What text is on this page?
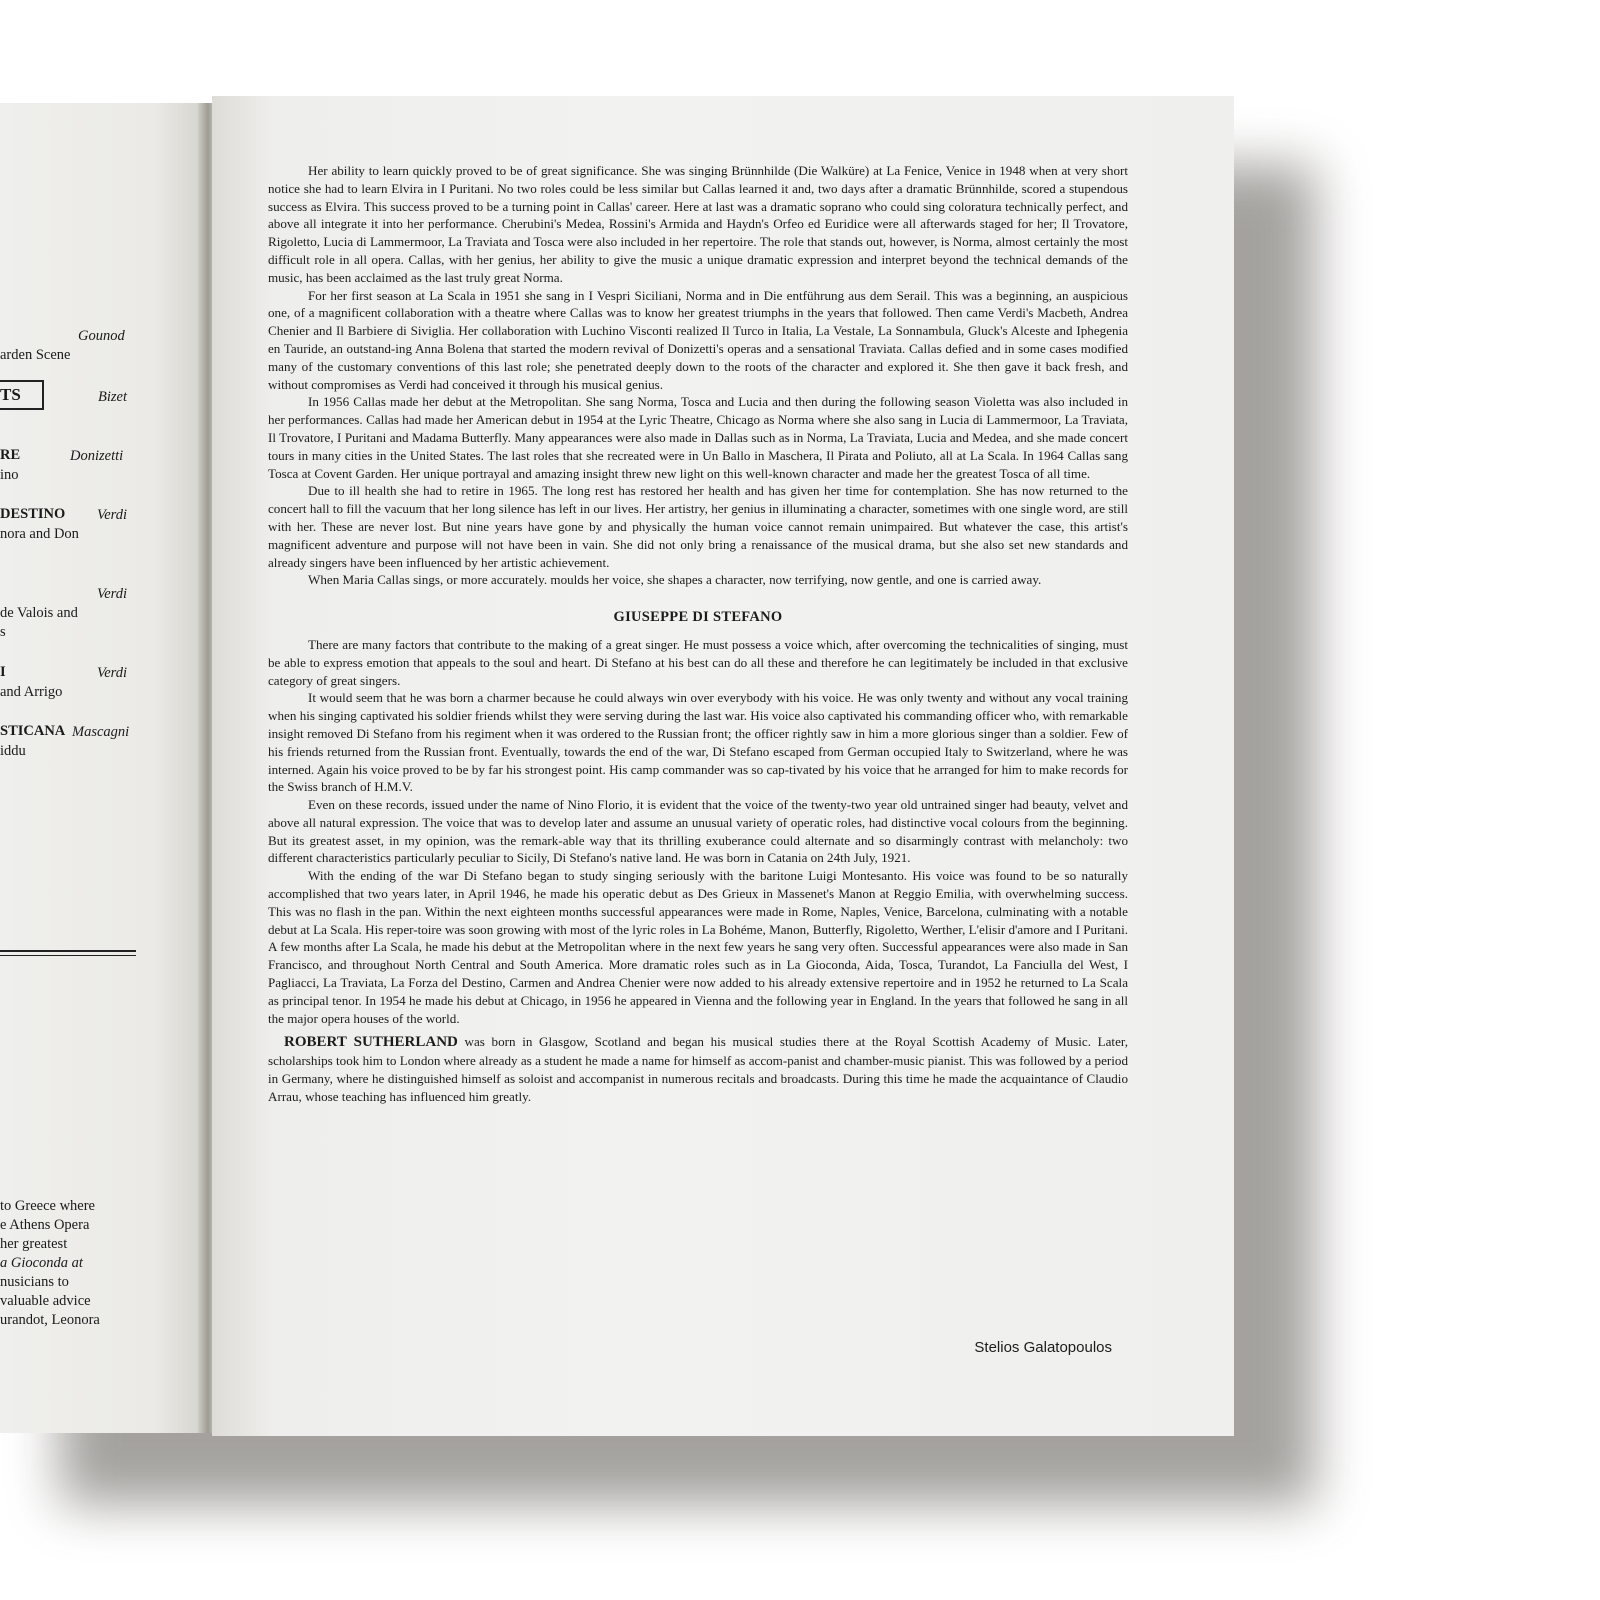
TS
Gounod
arden Scene
Bizet
RE	Donizetti
ino
DESTINO Verdi
nora and Don
Verdi
de Valois and
s
I	Verdi
and Arrigo
STICANA Mascagni
iddu
to Greece where
e Athens Opera
her greatest
a Gioconda at
nusicians to
valuable advice
urandot, Leonora

Her ability to learn quickly proved to be of great significance. She was singing Brünnhilde (Die Walküre) at La Fenice, Venice in 1948 when at very short notice she had to learn Elvira in I Puritani. No two roles could be less similar but Callas learned it and, two days after a dramatic Brünnhilde, scored a stupendous success as Elvira. This success proved to be a turning point in Callas' career. Here at last was a dramatic soprano who could sing coloratura technically perfect, and above all integrate it into her performance. Cherubini's Medea, Rossini's Armida and Haydn's Orfeo ed Euridice were all afterwards staged for her; Il Trovatore, Rigoletto, Lucia di Lammermoor, La Traviata and Tosca were also included in her repertoire. The role that stands out, however, is Norma, almost certainly the most difficult role in all opera. Callas, with her genius, her ability to give the music a unique dramatic expression and interpret beyond the technical demands of the music, has been acclaimed as the last truly great Norma.

For her first season at La Scala in 1951 she sang in I Vespri Siciliani, Norma and in Die entführung aus dem Serail. This was a beginning, an auspicious one, of a magnificent collaboration with a theatre where Callas was to know her greatest triumphs in the years that followed. Then came Verdi's Macbeth, Andrea Chenier and Il Barbiere di Siviglia. Her collaboration with Luchino Visconti realized Il Turco in Italia, La Vestale, La Sonnambula, Gluck's Alceste and Iphegenia en Tauride, an outstand-ing Anna Bolena that started the modern revival of Donizetti's operas and a sensational Traviata. Callas defied and in some cases modified many of the customary conventions of this last role; she penetrated deeply down to the roots of the character and explored it. She then gave it back fresh, and without compromises as Verdi had conceived it through his musical genius.

In 1956 Callas made her debut at the Metropolitan. She sang Norma, Tosca and Lucia and then during the following season Violetta was also included in her performances. Callas had made her American debut in 1954 at the Lyric Theatre, Chicago as Norma where she also sang in Lucia di Lammermoor, La Traviata, Il Trovatore, I Puritani and Madama Butterfly. Many appearances were also made in Dallas such as in Norma, La Traviata, Lucia and Medea, and she made concert tours in many cities in the United States. The last roles that she recreated were in Un Ballo in Maschera, Il Pirata and Poliuto, all at La Scala. In 1964 Callas sang Tosca at Covent Garden. Her unique portrayal and amazing insight threw new light on this well-known character and made her the greatest Tosca of all time.

Due to ill health she had to retire in 1965. The long rest has restored her health and has given her time for contemplation. She has now returned to the concert hall to fill the vacuum that her long silence has left in our lives. Her artistry, her genius in illuminating a character, sometimes with one single word, are still with her. These are never lost. But nine years have gone by and physically the human voice cannot remain unimpaired. But whatever the case, this artist's magnificent adventure and purpose will not have been in vain. She did not only bring a renaissance of the musical drama, but she also set new standards and already singers have been influenced by her artistic achievement.

When Maria Callas sings, or more accurately. moulds her voice, she shapes a character, now terrifying, now gentle, and one is carried away.

GIUSEPPE DI STEFANO

There are many factors that contribute to the making of a great singer. He must possess a voice which, after overcoming the technicalities of singing, must be able to express emotion that appeals to the soul and heart. Di Stefano at his best can do all these and therefore he can legitimately be included in that exclusive category of great singers.

It would seem that he was born a charmer because he could always win over everybody with his voice. He was only twenty and without any vocal training when his singing captivated his soldier friends whilst they were serving during the last war. His voice also captivated his commanding officer who, with remarkable insight removed Di Stefano from his regiment when it was ordered to the Russian front; the officer rightly saw in him a more glorious singer than a soldier. Few of his friends returned from the Russian front. Eventually, towards the end of the war, Di Stefano escaped from German occupied Italy to Switzerland, where he was interned. Again his voice proved to be by far his strongest point. His camp commander was so cap-tivated by his voice that he arranged for him to make records for the Swiss branch of H.M.V.

Even on these records, issued under the name of Nino Florio, it is evident that the voice of the twenty-two year old untrained singer had beauty, velvet and above all natural expression. The voice that was to develop later and assume an unusual variety of operatic roles, had distinctive vocal colours from the beginning. But its greatest asset, in my opinion, was the remark-able way that its thrilling exuberance could alternate and so disarmingly contrast with melancholy: two different characteristics particularly peculiar to Sicily, Di Stefano's native land. He was born in Catania on 24th July, 1921.

With the ending of the war Di Stefano began to study singing seriously with the baritone Luigi Montesanto. His voice was found to be so naturally accomplished that two years later, in April 1946, he made his operatic debut as Des Grieux in Massenet's Manon at Reggio Emilia, with overwhelming success. This was no flash in the pan. Within the next eighteen months successful appearances were made in Rome, Naples, Venice, Barcelona, culminating with a notable debut at La Scala. His reper-toire was soon growing with most of the lyric roles in La Bohéme, Manon, Butterfly, Rigoletto, Werther, L'elisir d'amore and I Puritani. A few months after La Scala, he made his debut at the Metropolitan where in the next few years he sang very often. Successful appearances were also made in San Francisco, and throughout North Central and South America. More dramatic roles such as in La Gioconda, Aida, Tosca, Turandot, La Fanciulla del West, I Pagliacci, La Traviata, La Forza del Destino, Carmen and Andrea Chenier were now added to his already extensive repertoire and in 1952 he returned to La Scala as principal tenor. In 1954 he made his debut at Chicago, in 1956 he appeared in Vienna and the following year in England. In the years that followed he sang in all the major opera houses of the world.

ROBERT SUTHERLAND was born in Glasgow, Scotland and began his musical studies there at the Royal Scottish Academy of Music. Later, scholarships took him to London where already as a student he made a name for himself as accom-panist and chamber-music pianist. This was followed by a period in Germany, where he distinguished himself as soloist and accompanist in numerous recitals and broadcasts. During this time he made the acquaintance of Claudio Arrau, whose teaching has influenced him greatly.

Stelios Galatopoulos
